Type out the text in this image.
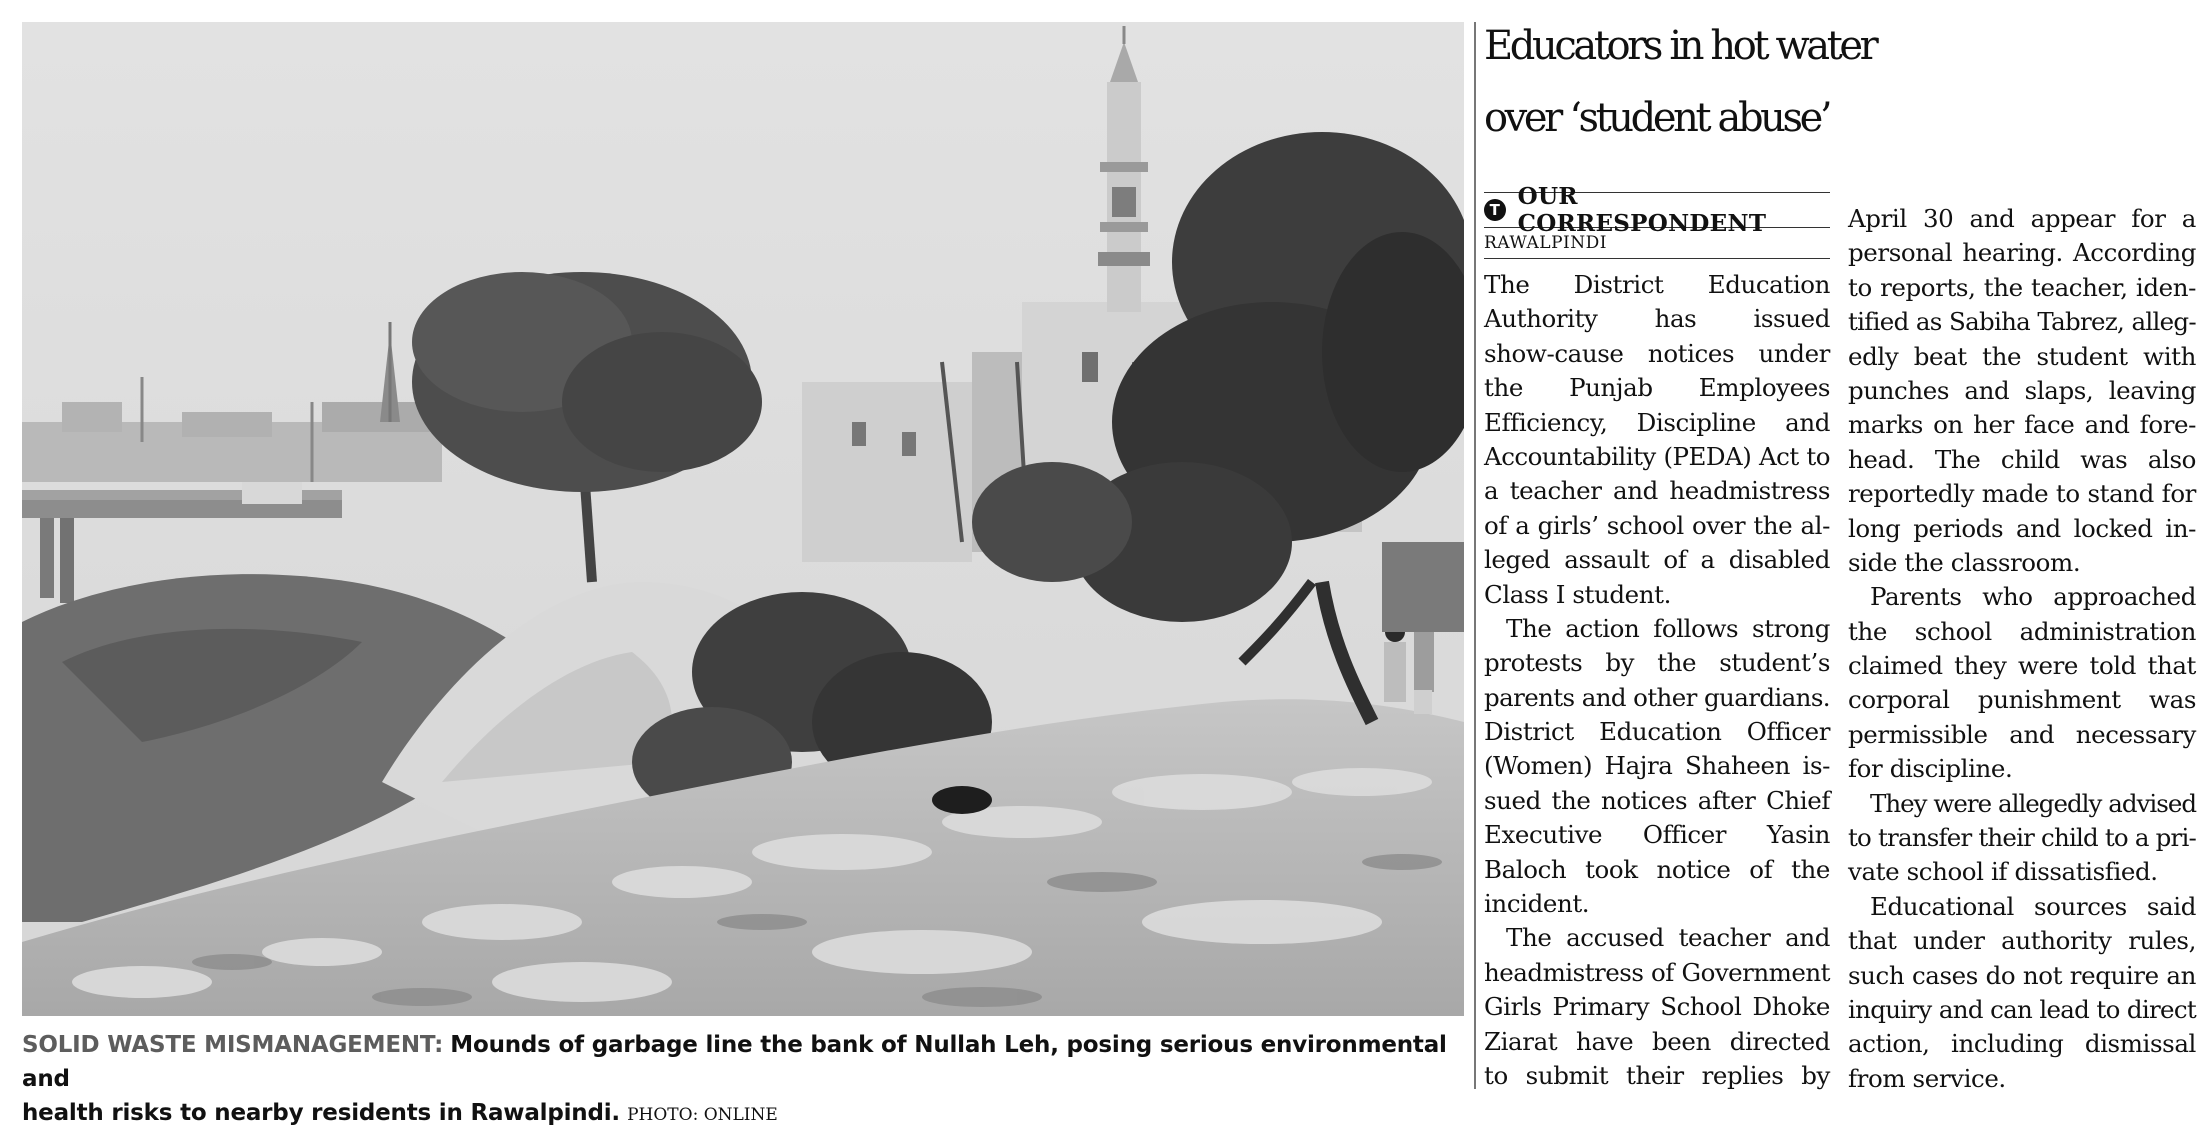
SOLID WASTE MISMANAGEMENT: Mounds of garbage line the bank of Nullah Leh, posing serious environmental and
health risks to nearby residents in Rawalpindi. PHOTO: ONLINE
Educators in hot water
over ‘student abuse’
T OUR CORRESPONDENT
RAWALPINDI
The District Education
Authority has issued
show-cause notices under
the Punjab Employees
Efficiency, Discipline and
Accountability (PEDA) Act to
a teacher and headmistress
of a girls’ school over the al-
leged assault of a disabled
Class I student.
The action follows strong
protests by the student’s
parents and other guardians.
District Education Officer
(Women) Hajra Shaheen is-
sued the notices after Chief
Executive Officer Yasin
Baloch took notice of the
incident.
The accused teacher and
headmistress of Government
Girls Primary School Dhoke
Ziarat have been directed
to submit their replies by
April 30 and appear for a
personal hearing. According
to reports, the teacher, iden-
tified as Sabiha Tabrez, alleg-
edly beat the student with
punches and slaps, leaving
marks on her face and fore-
head. The child was also
reportedly made to stand for
long periods and locked in-
side the classroom.
Parents who approached
the school administration
claimed they were told that
corporal punishment was
permissible and necessary
for discipline.
They were allegedly advised
to transfer their child to a pri-
vate school if dissatisfied.
Educational sources said
that under authority rules,
such cases do not require an
inquiry and can lead to direct
action, including dismissal
from service.
